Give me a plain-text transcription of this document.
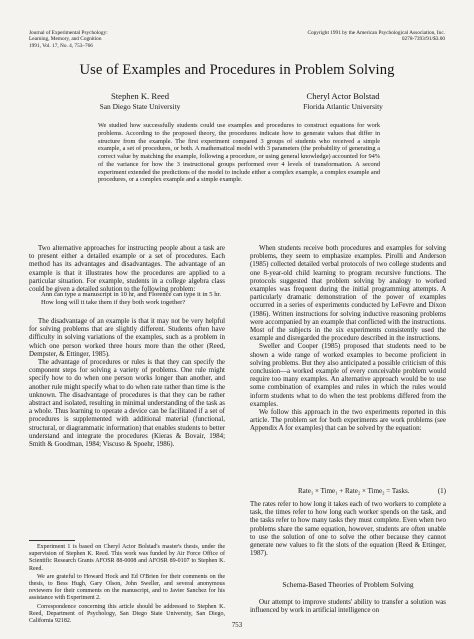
Journal of Experimental Psychology:
Learning, Memory, and Cognition
1991, Vol. 17, No. 4, 753–766
Copyright 1991 by the American Psychological Association, Inc.
0278-7393/91/$3.00
Use of Examples and Procedures in Problem Solving
Stephen K. Reed
San Diego State University
Cheryl Actor Bolstad
Florida Atlantic University
We studied how successfully students could use examples and procedures to construct equations for work problems. According to the proposed theory, the procedures indicate how to generate values that differ in structure from the example. The first experiment compared 3 groups of students who received a simple example, a set of procedures, or both. A mathematical model with 3 parameters (the probability of generating a correct value by matching the example, following a procedure, or using general knowledge) accounted for 94% of the variance for how the 3 instructional groups performed over 4 levels of transformation. A second experiment extended the predictions of the model to include either a complex example, a complex example and procedures, or a complex example and a simple example.

Two alternative approaches for instructing people about a task are to present either a detailed example or a set of procedures. Each method has its advantages and disadvantages. The advantage of an example is that it illustrates how the procedures are applied to a particular situation. For example, students in a college algebra class could be given a detailed solution to the following problem:

Ann can type a manuscript in 10 hr, and Florence can type it in 5 hr. How long will it take them if they both work together?

The disadvantage of an example is that it may not be very helpful for solving problems that are slightly different. Students often have difficulty in solving variations of the examples, such as a problem in which one person worked three hours more than the other (Reed, Dempster, & Ettinger, 1985).

The advantage of procedures or rules is that they can specify the component steps for solving a variety of problems. One rule might specify how to do when one person works longer than another, and another rule might specify what to do when rate rather than time is the unknown. The disadvantage of procedures is that they can be rather abstract and isolated, resulting in minimal understanding of the task as a whole. Thus learning to operate a device can be facilitated if a set of procedures is supplemented with additional material (functional, structural, or diagrammatic information) that enables students to better understand and integrate the procedures (Kieras & Bovair, 1984; Smith & Goodman, 1984; Viscuso & Spoehr, 1986).

Experiment 1 is based on Cheryl Actor Bolstad's master's thesis, under the supervision of Stephen K. Reed. This work was funded by Air Force Office of Scientific Research Grants AFOSR 88-0008 and AFOSR 89-0107 to Stephen K. Reed.

We are grateful to Howard Hock and Ed O'Brien for their comments on the thesis, to Bess Hugh, Gary Olson, John Sweller, and several anonymous reviewers for their comments on the manuscript, and to Javier Sanchez for his assistance with Experiment 2.

Correspondence concerning this article should be addressed to Stephen K. Reed, Department of Psychology, San Diego State University, San Diego, California 92182.

When students receive both procedures and examples for solving problems, they seem to emphasize examples. Pirolli and Anderson (1985) collected detailed verbal protocols of two college students and one 8-year-old child learning to program recursive functions. The protocols suggested that problem solving by analogy to worked examples was frequent during the initial programming attempts. A particularly dramatic demonstration of the power of examples occurred in a series of experiments conducted by LeFevre and Dixon (1986). Written instructions for solving inductive reasoning problems were accompanied by an example that conflicted with the instructions. Most of the subjects in the six experiments consistently used the example and disregarded the procedure described in the instructions.

Sweller and Cooper (1985) proposed that students need to be shown a wide range of worked examples to become proficient in solving problems. But they also anticipated a possible criticism of this conclusion—a worked example of every conceivable problem would require too many examples. An alternative approach would be to use some combination of examples and rules in which the rules would inform students what to do when the test problems differed from the examples.

We follow this approach in the two experiments reported in this article. The problem set for both experiments are work problems (see Appendix A for examples) that can be solved by the equation:

Rate₁ × Time₁ + Rate₂ × Time₂ = Tasks.	(1)

The rates refer to how long it takes each of two workers to complete a task, the times refer to how long each worker spends on the task, and the tasks refer to how many tasks they must complete. Even when two problems share the same equation, however, students are often unable to use the solution of one to solve the other because they cannot generate new values to fit the slots of the equation (Reed & Ettinger, 1987).

Schema-Based Theories of Problem Solving

Our attempt to improve students' ability to transfer a solution was influenced by work in artificial intelligence on

753
